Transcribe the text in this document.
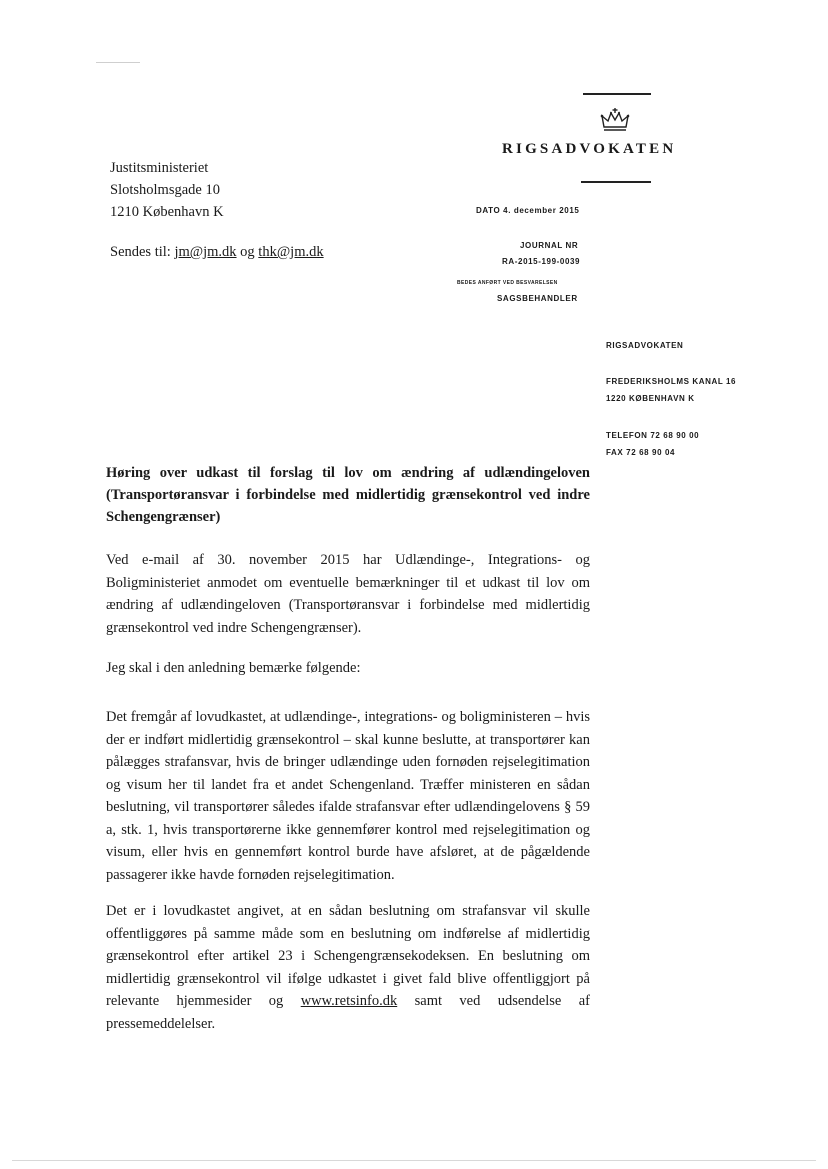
Justitsministeriet
Slotsholmsgade 10
1210 København K
Sendes til: jm@jm.dk og thk@jm.dk
RIGSADVOKATEN
DATO 4. december 2015
JOURNAL NR
RA-2015-199-0039
BEDES ANFØRT VED BESVARELSEN
SAGSBEHANDLER
RIGSADVOKATEN
FREDERIKSHOLMS KANAL 16
1220 KØBENHAVN K
TELEFON 72 68 90 00
FAX 72 68 90 04
Høring over udkast til forslag til lov om ændring af udlændingeloven (Transportøransvar i forbindelse med midlertidig grænsekontrol ved indre Schengengrænser)
Ved e-mail af 30. november 2015 har Udlændinge-, Integrations- og Boligministeriet anmodet om eventuelle bemærkninger til et udkast til lov om ændring af udlændingeloven (Transportøransvar i forbindelse med midlertidig grænsekontrol ved indre Schengengrænser).
Jeg skal i den anledning bemærke følgende:
Det fremgår af lovudkastet, at udlændinge-, integrations- og boligministeren – hvis der er indført midlertidig grænsekontrol – skal kunne beslutte, at transportører kan pålægges strafansvar, hvis de bringer udlændinge uden fornøden rejselegitimation og visum her til landet fra et andet Schengenland. Træffer ministeren en sådan beslutning, vil transportører således ifalde strafansvar efter udlændingelovens § 59 a, stk. 1, hvis transportørerne ikke gennemfører kontrol med rejselegitimation og visum, eller hvis en gennemført kontrol burde have afsløret, at de pågældende passagerer ikke havde fornøden rejselegitimation.
Det er i lovudkastet angivet, at en sådan beslutning om strafansvar vil skulle offentliggøres på samme måde som en beslutning om indførelse af midlertidig grænsekontrol efter artikel 23 i Schengengrænsekodeksen. En beslutning om midlertidig grænsekontrol vil ifølge udkastet i givet fald blive offentliggjort på relevante hjemmesider og www.retsinfo.dk samt ved udsendelse af pressemeddelelser.
